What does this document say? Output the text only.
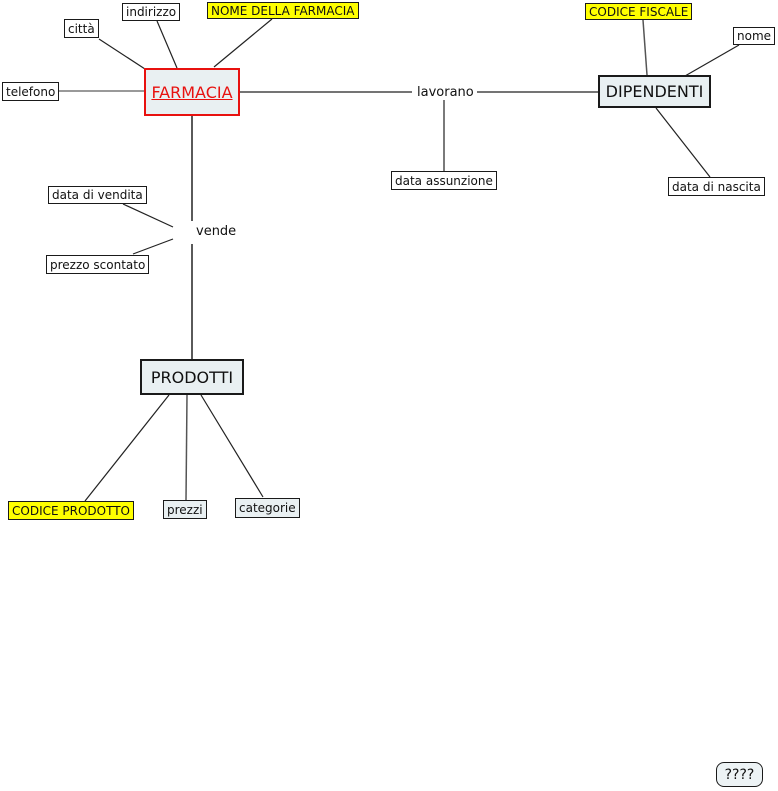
FARMACIA	DIPENDENTI
PRODOTTI
città
indirizzo	NOME DELLA FARMACIA
telefono
CODICE FISCALE
nome
data di nascita
data assunzione
data di vendita
prezzo scontato
CODICE PRODOTTO	prezzi	categorie
lavorano
vende
????
